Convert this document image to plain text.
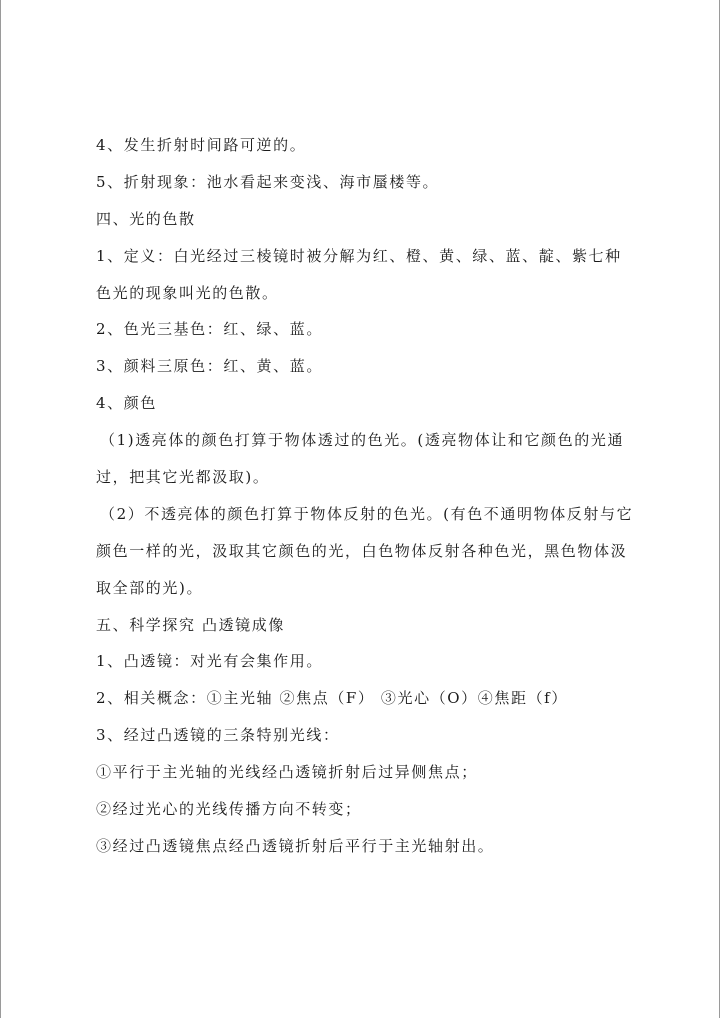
4、发生折射时间路可逆的。
5、折射现象：池水看起来变浅、海市蜃楼等。
四、光的色散
1、定义：白光经过三棱镜时被分解为红、橙、黄、绿、蓝、靛、紫七种
色光的现象叫光的色散。
2、色光三基色：红、绿、蓝。
3、颜料三原色：红、黄、蓝。
4、颜色
（1)透亮体的颜色打算于物体透过的色光。(透亮物体让和它颜色的光通
过，把其它光都汲取)。
（2）不透亮体的颜色打算于物体反射的色光。(有色不通明物体反射与它
颜色一样的光，汲取其它颜色的光，白色物体反射各种色光，黑色物体汲
取全部的光)。
五、科学探究 凸透镜成像
1、凸透镜：对光有会集作用。
2、相关概念：①主光轴 ②焦点（F） ③光心（O）④焦距（f）
3、经过凸透镜的三条特别光线：
①平行于主光轴的光线经凸透镜折射后过异侧焦点；
②经过光心的光线传播方向不转变；
③经过凸透镜焦点经凸透镜折射后平行于主光轴射出。
